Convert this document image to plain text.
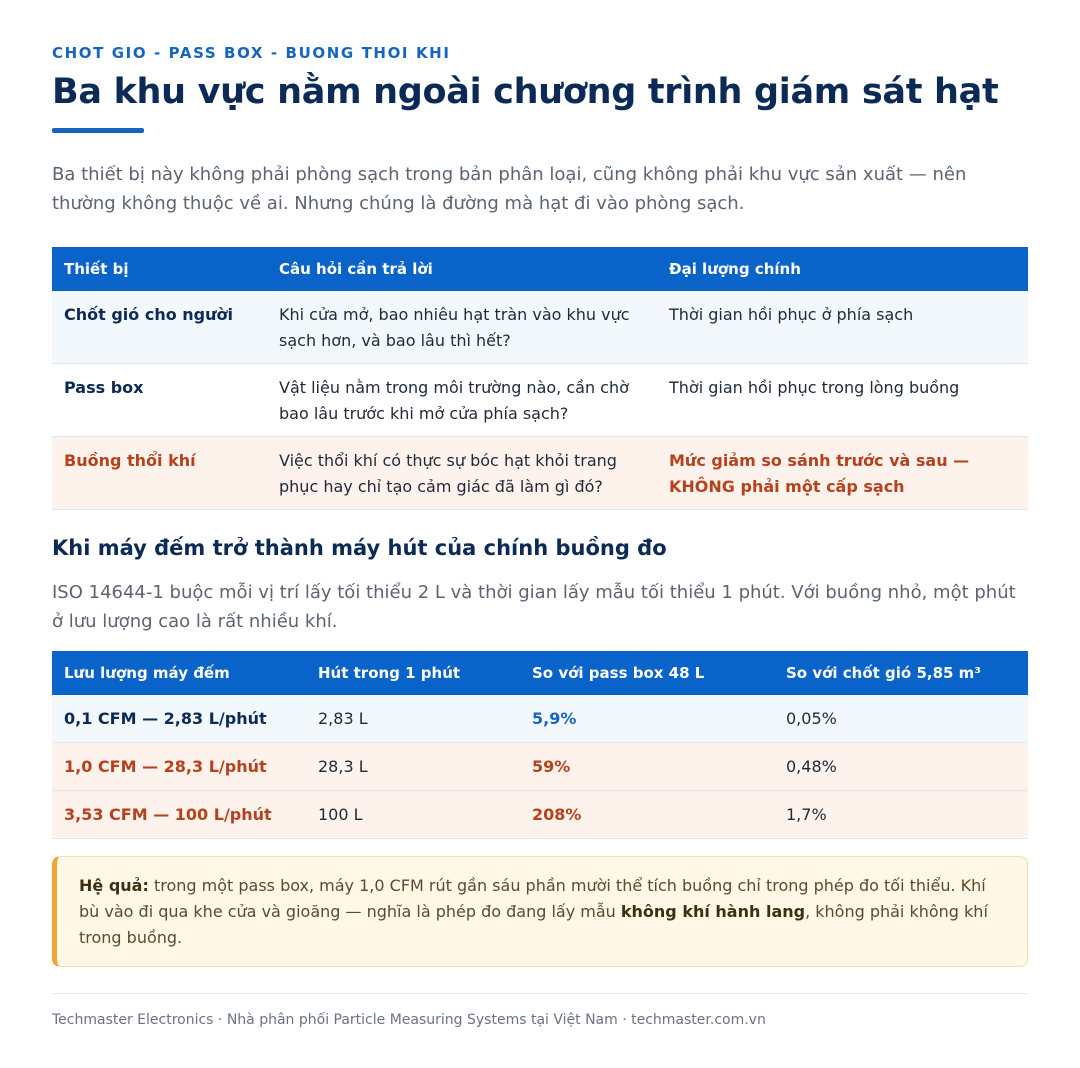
CHOT GIO - PASS BOX - BUONG THOI KHI
Ba khu vực nằm ngoài chương trình giám sát hạt

Ba thiết bị này không phải phòng sạch trong bản phân loại, cũng không phải khu vực sản xuất — nên thường không thuộc về ai. Nhưng chúng là đường mà hạt đi vào phòng sạch.

Thiết bị	Câu hỏi cần trả lời	Đại lượng chính
Chốt gió cho người	Khi cửa mở, bao nhiêu hạt tràn vào khu vực sạch hơn, và bao lâu thì hết?	Thời gian hồi phục ở phía sạch
Pass box	Vật liệu nằm trong môi trường nào, cần chờ bao lâu trước khi mở cửa phía sạch?	Thời gian hồi phục trong lòng buồng
Buồng thổi khí	Việc thổi khí có thực sự bóc hạt khỏi trang phục hay chỉ tạo cảm giác đã làm gì đó?	Mức giảm so sánh trước và sau — KHÔNG phải một cấp sạch
Khi máy đếm trở thành máy hút của chính buồng đo

ISO 14644-1 buộc mỗi vị trí lấy tối thiểu 2 L và thời gian lấy mẫu tối thiểu 1 phút. Với buồng nhỏ, một phút ở lưu lượng cao là rất nhiều khí.

Lưu lượng máy đếm	Hút trong 1 phút	So với pass box 48 L	So với chốt gió 5,85 m³
0,1 CFM — 2,83 L/phút	2,83 L	5,9%	0,05%
1,0 CFM — 28,3 L/phút	28,3 L	59%	0,48%
3,53 CFM — 100 L/phút	100 L	208%	1,7%
Hệ quả: trong một pass box, máy 1,0 CFM rút gần sáu phần mười thể tích buồng chỉ trong phép đo tối thiểu. Khí bù vào đi qua khe cửa và gioăng — nghĩa là phép đo đang lấy mẫu không khí hành lang, không phải không khí trong buồng.
Techmaster Electronics · Nhà phân phối Particle Measuring Systems tại Việt Nam · techmaster.com.vn
